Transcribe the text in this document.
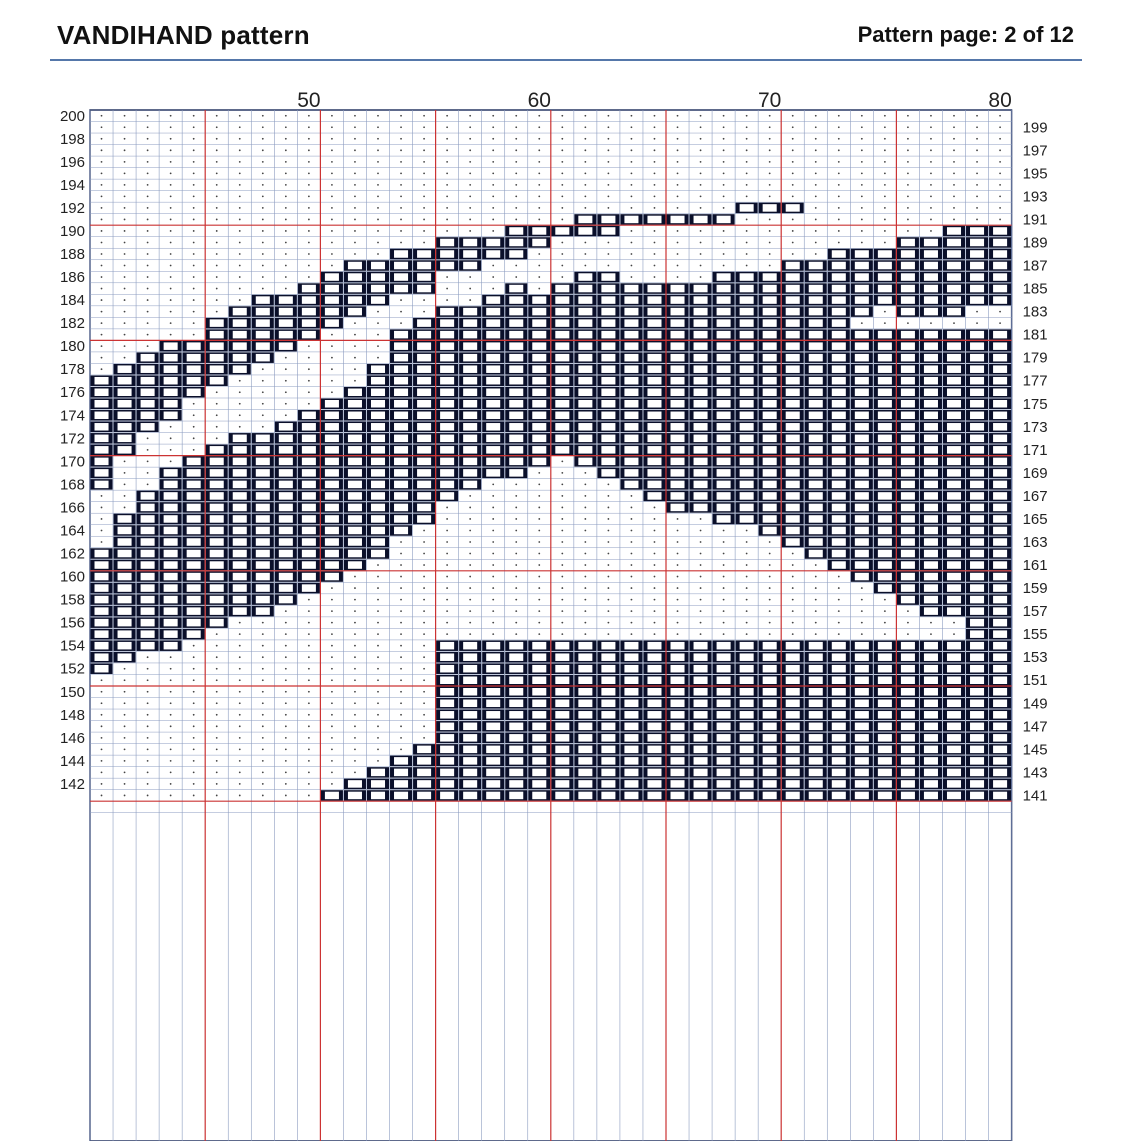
VANDIHAND pattern	Pattern page: 2 of 12
50	60	70	80
200
198
196
194
192
190
188
186
184
182
180
178
176
174
172
170
168
166
164
162
160
158
156
154
152
150
148
146
144
142
199
197
195
193
191
189
187
185
183
181
179
177
175
173
171
169
167
165
163
161
159
157
155
153
151
149
147
145
143
141
